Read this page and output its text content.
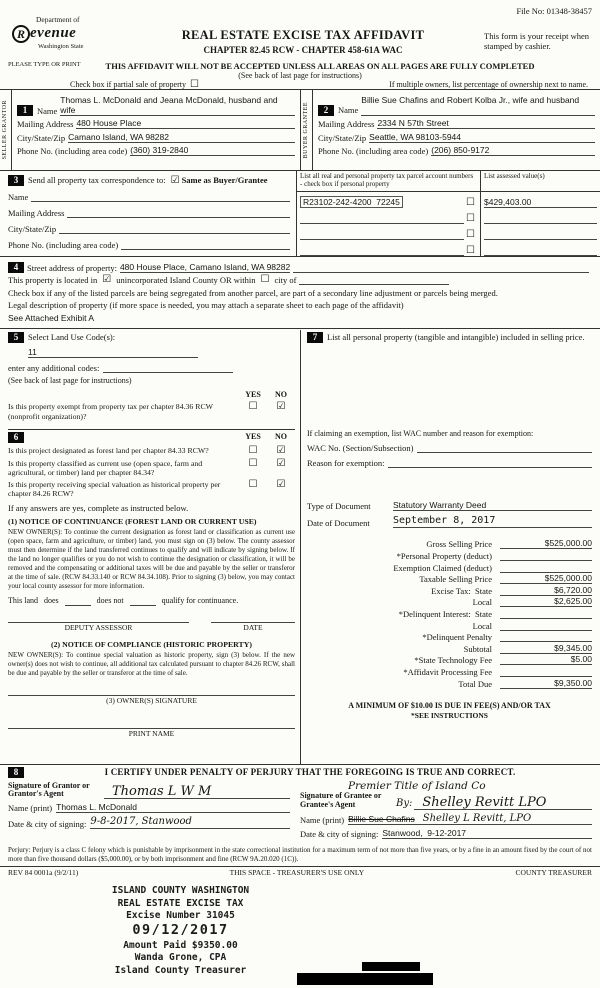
File No: 01348-38457
Department of
R evenue
Washington State
REAL ESTATE EXCISE TAX AFFIDAVIT
CHAPTER 82.45 RCW - CHAPTER 458-61A WAC
This form is your receipt when stamped by cashier.
PLEASE TYPE OR PRINT	THIS AFFIDAVIT WILL NOT BE ACCEPTED UNLESS ALL AREAS ON ALL PAGES ARE FULLY COMPLETED
(See back of last page for instructions)
Check box if partial sale of property ☐	If multiple owners, list percentage of ownership next to name.
SELLER GRANTOR	1	Name
Thomas L. McDonald and Jeana McDonald, husband and wife
Mailing Address 480 House Place
City/State/Zip Camano Island, WA 98282
Phone No. (including area code) (360) 319-2840	BUYER GRANTEE	2	Name
Billie Sue Chafins and Robert Kolba Jr., wife and husband
Mailing Address 2334 N 57th Street
City/State/Zip Seattle, WA 98103-5944
Phone No. (including area code) (206) 850-9172
3	Send all property tax correspondence to: ☑ Same as Buyer/Grantee
Name
Mailing Address
City/State/Zip
Phone No. (including area code)
List all real and personal property tax parcel account numbers - check box if personal property
R23102-242-4200  72245	☐
☐
☐
☐
List assessed value(s)
$429,403.00
4	Street address of property: 480 House Place, Camano Island, WA 98282
This property is located in ☑ unincorporated Island County OR within ☐ city of
Check box if any of the listed parcels are being segregated from another parcel, are part of a secondary line adjustment or parcels being merged.
Legal description of property (if more space is needed, you may attach a separate sheet to each page of the affidavit)
See Attached Exhibit A
5	Select Land Use Code(s):
11
enter any additional codes:
(See back of last page for instructions)
YES	NO
Is this property exempt from property tax per chapter 84.36 RCW (nonprofit organization)?
☐	☑
6	YES	NO
Is this project designated as forest land per chapter 84.33 RCW?	☐	☑
Is this property classified as current use (open space, farm and agricultural, or timber) land per chapter 84.34?
☐	☑
Is this property receiving special valuation as historical property per chapter 84.26 RCW?
☐	☑
If any answers are yes, complete as instructed below.
(1) NOTICE OF CONTINUANCE (FOREST LAND OR CURRENT USE)
NEW OWNER(S): To continue the current designation as forest land or classification as current use (open space, farm and agriculture, or timber) land, you must sign on (3) below. The county assessor must then determine if the land transferred continues to qualify and will indicate by signing below. If the land no longer qualifies or you do not wish to continue the designation or classification, it will be removed and the compensating or additional taxes will be due and payable by the seller or transferor at the time of sale. (RCW 84.33.140 or RCW 84.34.108). Prior to signing (3) below, you may contact your local county assessor for more information.
This land does	does not	qualify for continuance.
DEPUTY ASSESSOR	DATE
(2) NOTICE OF COMPLIANCE (HISTORIC PROPERTY)
NEW OWNER(S): To continue special valuation as historic property, sign (3) below. If the new owner(s) does not wish to continue, all additional tax calculated pursuant to chapter 84.26 RCW, shall be due and payable by the seller or transferor at the time of sale.
(3) OWNER(S) SIGNATURE
PRINT NAME
7	List all personal property (tangible and intangible) included in selling price.
If claiming an exemption, list WAC number and reason for exemption:
WAC No. (Section/Subsection)
Reason for exemption:
Type of Document	Statutory Warranty Deed
Date of Document	September 8, 2017
Gross Selling Price	$525,000.00
*Personal Property (deduct)
Exemption Claimed (deduct)
Taxable Selling Price	$525,000.00
Excise Tax:  State	$6,720.00
Local	$2,625.00
*Delinquent Interest:  State
Local
*Delinquent Penalty
Subtotal	$9,345.00
*State Technology Fee	$5.00
*Affidavit Processing Fee
Total Due	$9,350.00
A MINIMUM OF $10.00 IS DUE IN FEE(S) AND/OR TAX
*SEE INSTRUCTIONS
8	I CERTIFY UNDER PENALTY OF PERJURY THAT THE FOREGOING IS TRUE AND CORRECT.
Signature of Grantor or Grantor's Agent	Thomas L W M
Name (print) Thomas L. McDonald
Date & city of signing: 9-8-2017, Stanwood
Premier Title of Island Co
Signature of Grantee or Grantee's Agent	By: Shelley Revitt LPO
Name (print) Billie Sue Chafins Shelley L Revitt, LPO
Date & city of signing: Stanwood,  9-12-2017
Perjury: Perjury is a class C felony which is punishable by imprisonment in the state correctional institution for a maximum term of not more than five years, or by a fine in an amount fixed by the court of not more than five thousand dollars ($5,000.00), or by both imprisonment and fine (RCW 9A.20.020 (1C)).
REV 84 0001a (9/2/11)	THIS SPACE - TREASURER'S USE ONLY	COUNTY TREASURER
ISLAND COUNTY WASHINGTON
REAL ESTATE EXCISE TAX
Excise Number 31045
09/12/2017
Amount Paid $9350.00
Wanda Grone, CPA
Island County Treasurer
